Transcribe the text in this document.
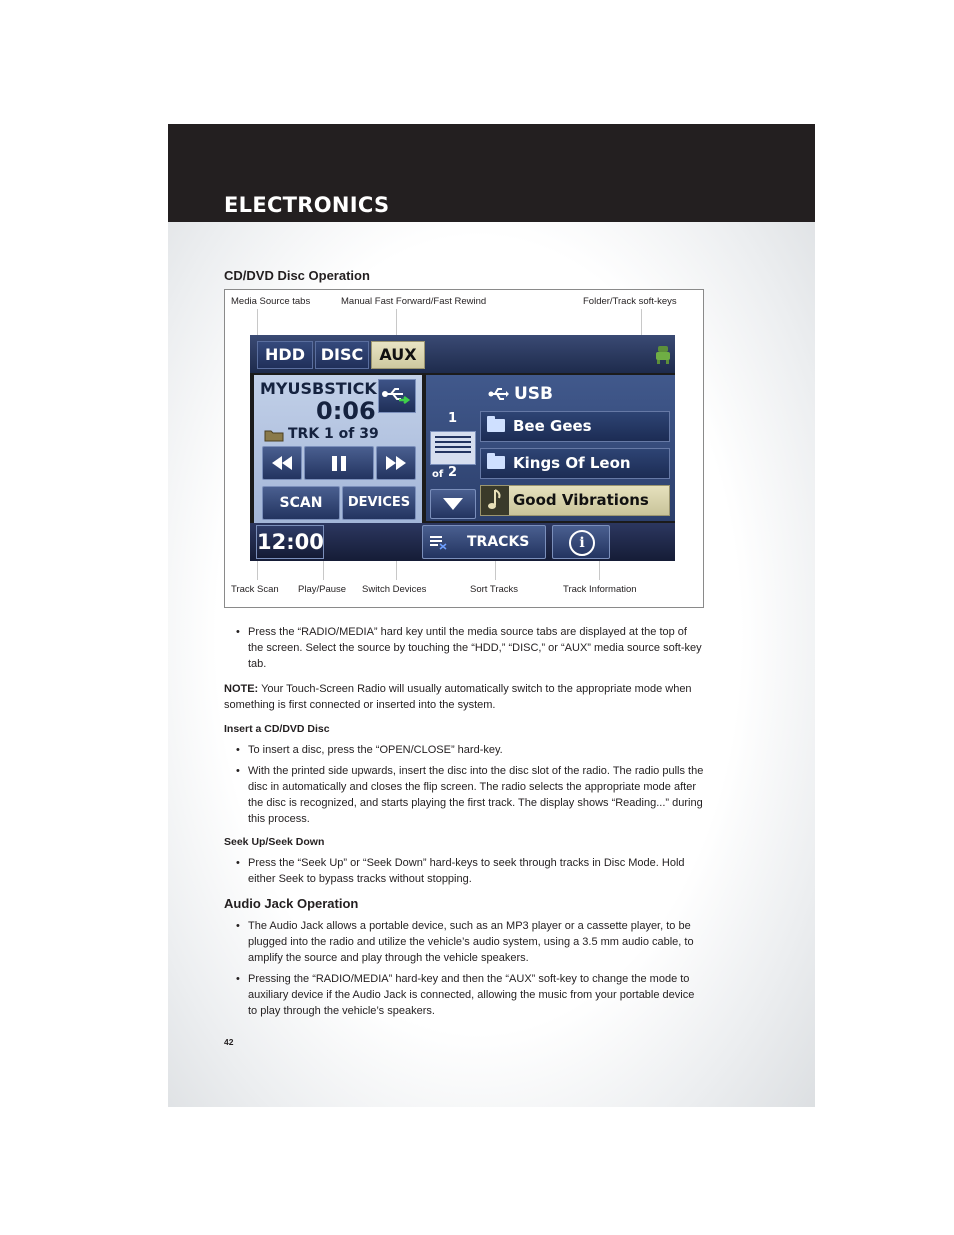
ELECTRONICS
CD/DVD Disc Operation
Media Source tabs	Manual Fast Forward/Fast Rewind	Folder/Track soft-keys
HDD DISC	AUX
MYUSBSTICK
0:06
TRK 1 of 39
SCAN	DEVICES
USB
1
of 2
Bee Gees
Kings Of Leon
Good Vibrations
12:00	TRACKS	i
Track Scan Play/Pause Switch Devices	Sort Tracks	Track Information
• Press the “RADIO/MEDIA” hard key until the media source tabs are displayed at the top of the screen. Select the source by touching the “HDD,” “DISC,” or “AUX” media source soft-key tab.
NOTE: Your Touch-Screen Radio will usually automatically switch to the appropriate mode when something is first connected or inserted into the system.
Insert a CD/DVD Disc
• To insert a disc, press the “OPEN/CLOSE” hard-key.
• With the printed side upwards, insert the disc into the disc slot of the radio. The radio pulls the disc in automatically and closes the flip screen. The radio selects the appropriate mode after the disc is recognized, and starts playing the first track. The display shows “Reading...” during this process.
Seek Up/Seek Down
• Press the “Seek Up” or “Seek Down” hard-keys to seek through tracks in Disc Mode. Hold either Seek to bypass tracks without stopping.
Audio Jack Operation
• The Audio Jack allows a portable device, such as an MP3 player or a cassette player, to be plugged into the radio and utilize the vehicle’s audio system, using a 3.5 mm audio cable, to amplify the source and play through the vehicle speakers.
• Pressing the “RADIO/MEDIA” hard-key and then the “AUX” soft-key to change the mode to auxiliary device if the Audio Jack is connected, allowing the music from your portable device to play through the vehicle’s speakers.
42
